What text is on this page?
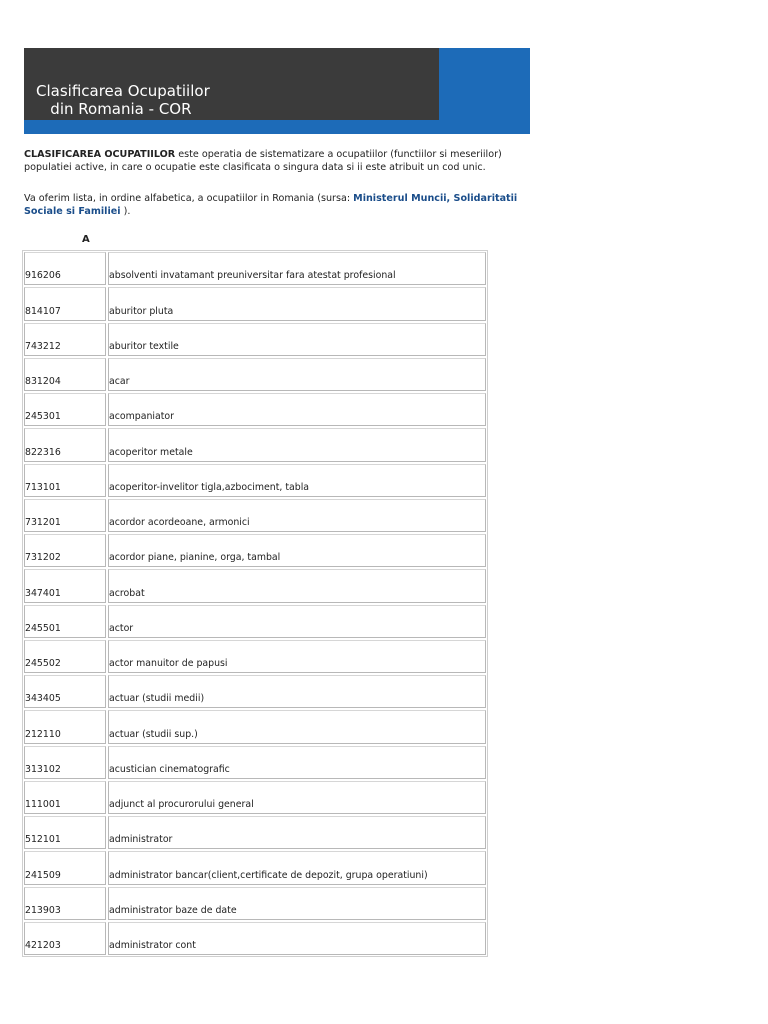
Clasificarea Ocupatiilor
din Romania - COR

CLASIFICAREA OCUPATIILOR este operatia de sistematizare a ocupatiilor (functiilor si meseriilor) populatiei active, in care o ocupatie este clasificata o singura data si ii este atribuit un cod unic.

Va oferim lista, in ordine alfabetica, a ocupatiilor in Romania (sursa: Ministerul Muncii, Solidaritatii Sociale si Familiei ).

A
916206	absolventi invatamant preuniversitar fara atestat profesional
814107	aburitor pluta
743212	aburitor textile
831204	acar
245301	acompaniator
822316	acoperitor metale
713101	acoperitor-invelitor tigla,azbociment, tabla
731201	acordor acordeoane, armonici
731202	acordor piane, pianine, orga, tambal
347401	acrobat
245501	actor
245502	actor manuitor de papusi
343405	actuar (studii medii)
212110	actuar (studii sup.)
313102	acustician cinematografic
111001	adjunct al procurorului general
512101	administrator
241509	administrator bancar(client,certificate de depozit, grupa operatiuni)
213903	administrator baze de date
421203	administrator cont
